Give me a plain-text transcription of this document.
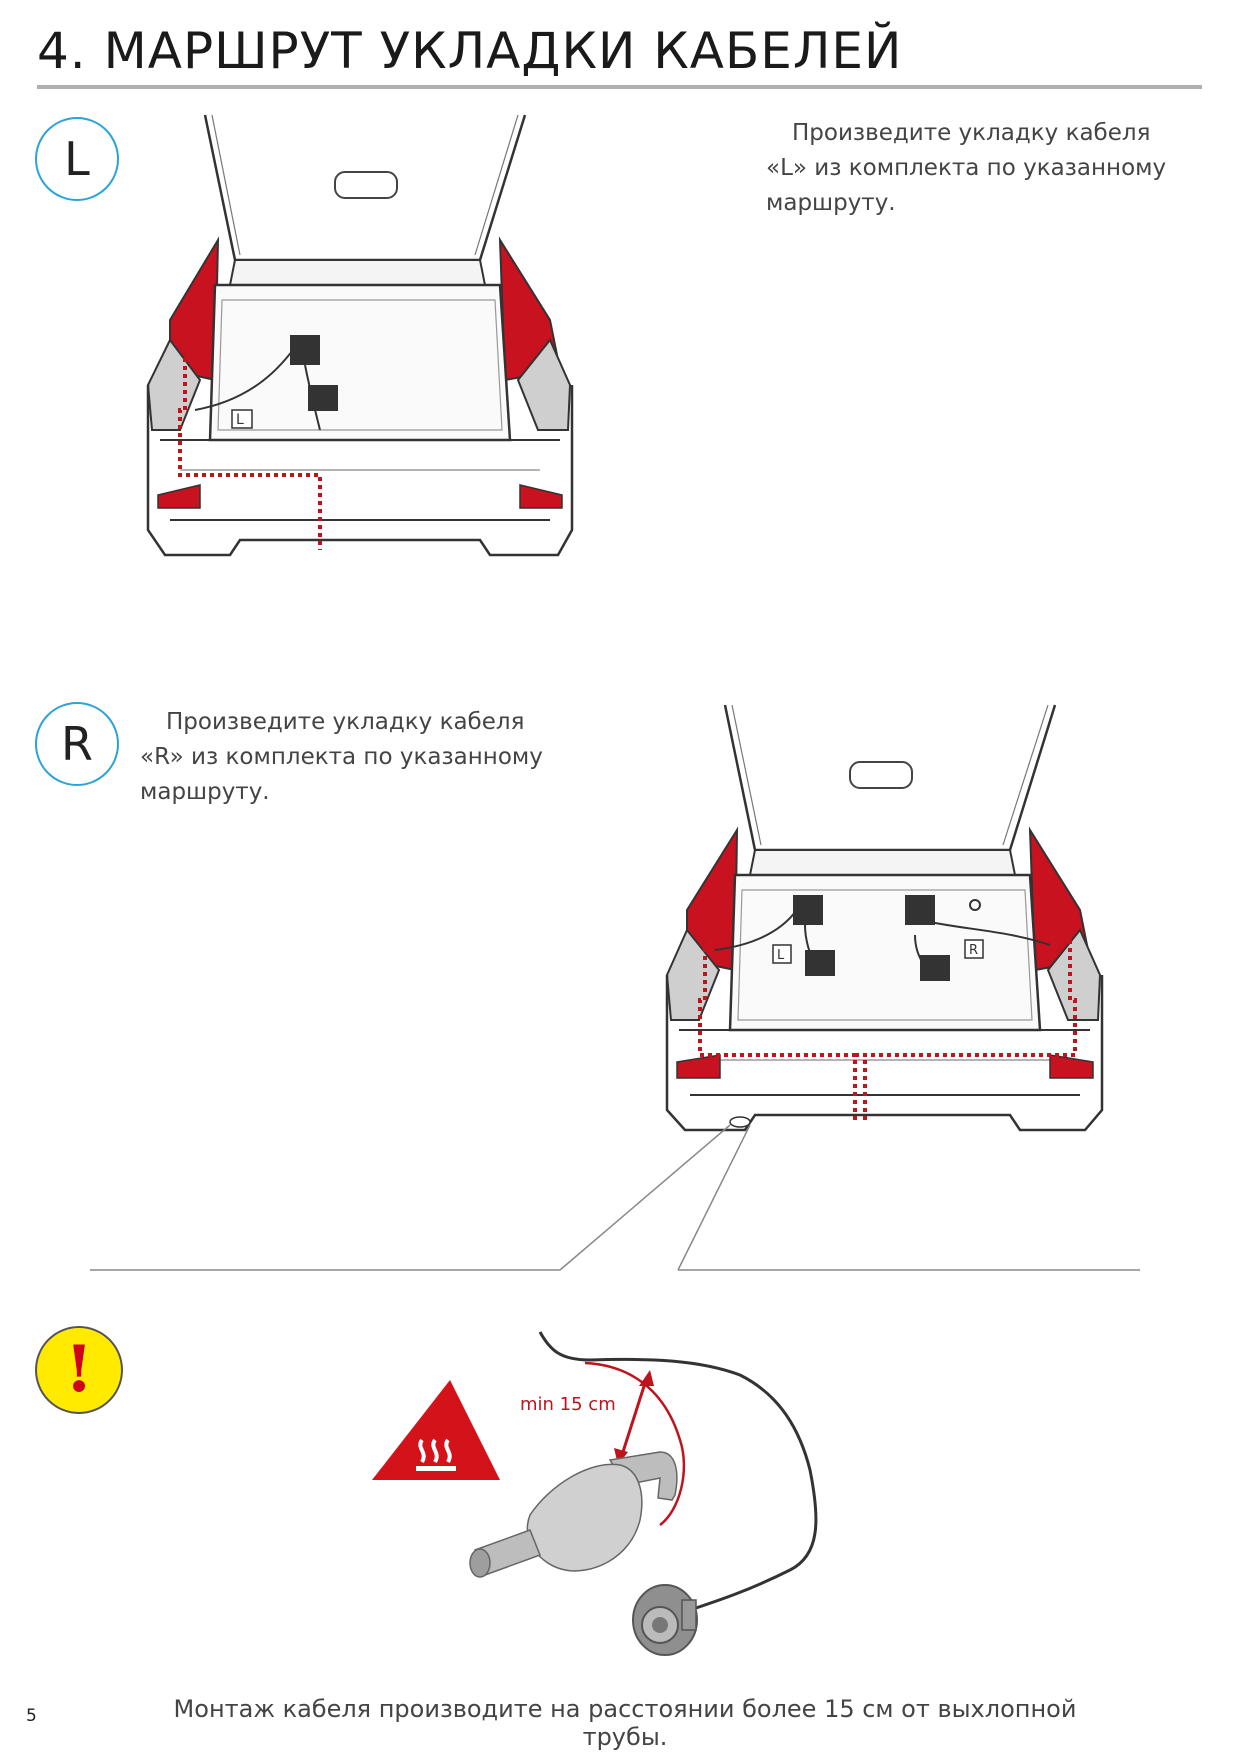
4. МАРШРУТ УКЛАДКИ КАБЕЛЕЙ
L	Произведите укладку кабеля

«L» из комплекта по указанному

маршруту.

L
R	Произведите укладку кабеля

«R» из комплекта по указанному

маршруту.

L	R
!	min 15 cm
Монтаж кабеля производите на расстоянии более 15 см от выхлопной трубы.
5
